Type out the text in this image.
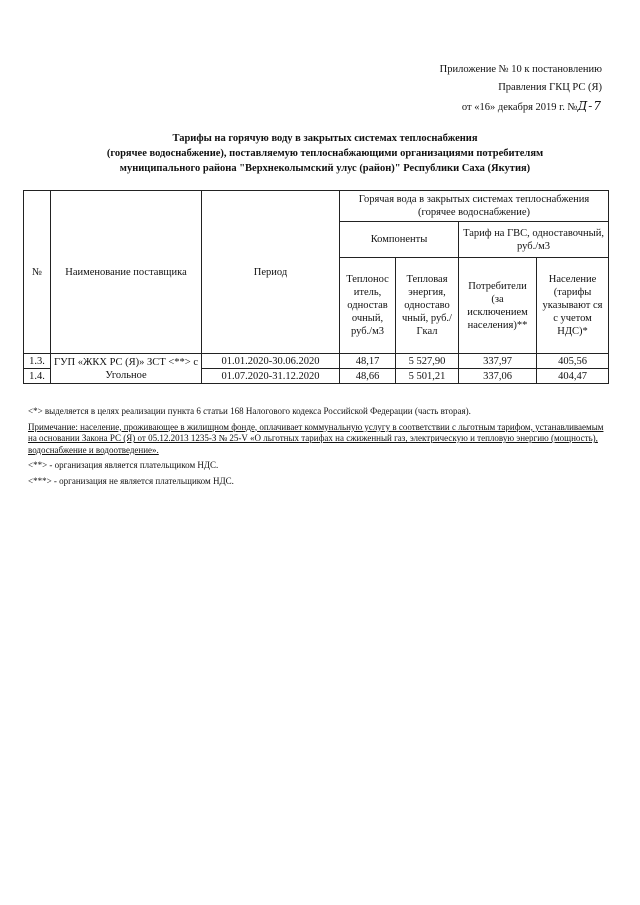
Приложение № 10 к постановлению
Правления ГКЦ РС (Я)
от «16» декабря 2019 г. №Д-7
Тарифы на горячую воду в закрытых системах теплоснабжения
(горячее водоснабжение), поставляемую теплоснабжающими организациями потребителям
муниципального района "Верхнеколымский улус (район)" Республики Саха (Якутия)
№	Наименование поставщика	Период	Горячая вода в закрытых системах теплоснабжения (горячее водоснабжение)			
			Компоненты		Тариф на ГВС, одноставочный, руб./м3	
			Теплонос итель, одностав очный, руб./м3	Тепловая энергия, одноставо чный, руб./Гкал	Потребители (за исключением населения)**	Население (тарифы указывают ся с учетом НДС)*
1.3.	ГУП «ЖКХ РС (Я)» ЗСТ <**> с Угольное	01.01.2020-30.06.2020	48,17	5 527,90	337,97	405,56
1.4.		01.07.2020-31.12.2020	48,66	5 501,21	337,06	404,47

<*> выделяется в целях реализации пункта 6 статьи 168 Налогового кодекса Российской Федерации (часть вторая).

Примечание: население, проживающее в жилищном фонде, оплачивает коммунальную услугу в соответствии с льготным тарифом, устанавливаемым на основании Закона РС (Я) от 05.12.2013 1235-З № 25-V «О льготных тарифах на сжиженный газ, электрическую и тепловую энергию (мощность), водоснабжение и водоотведение».

<**> - организация является плательщиком НДС.

<***> - организация не является плательщиком НДС.
